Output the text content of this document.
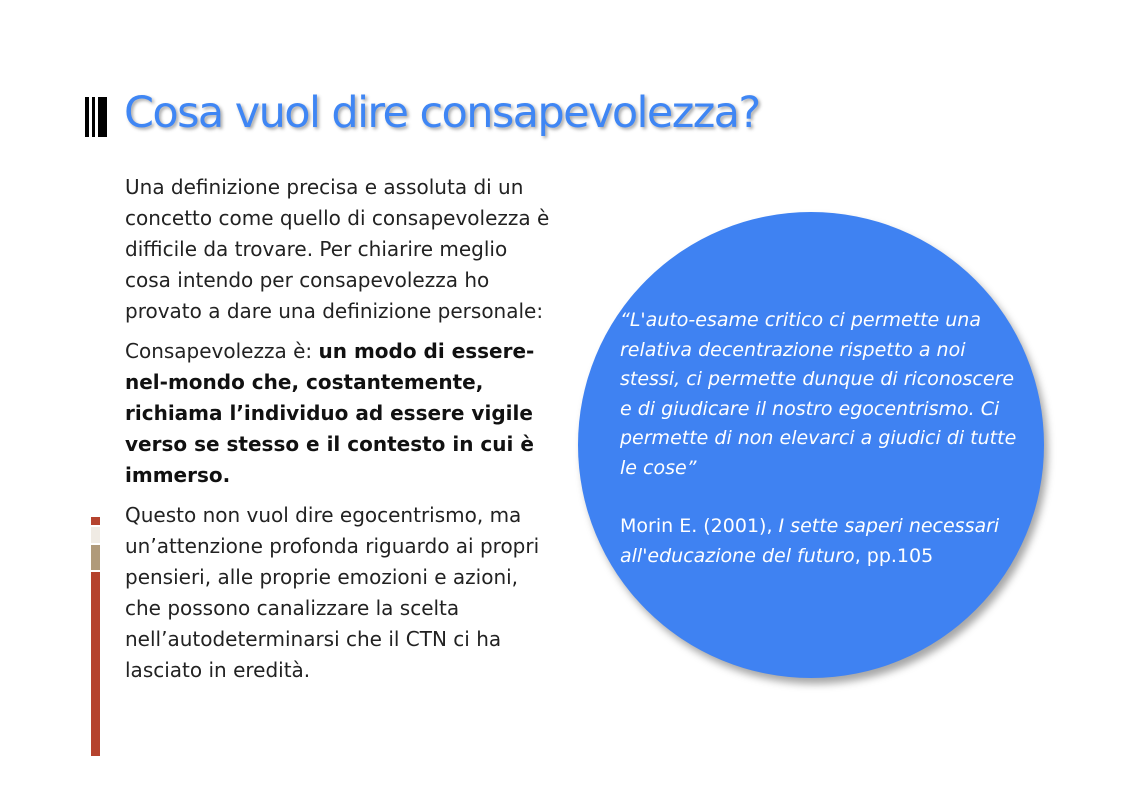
Cosa vuol dire consapevolezza?

Una definizione precisa e assoluta di un concetto come quello di consapevolezza è difficile da trovare. Per chiarire meglio cosa intendo per consapevolezza ho provato a dare una definizione personale:

Consapevolezza è: un modo di essere-nel-mondo che, costantemente, richiama l’individuo ad essere vigile verso se stesso e il contesto in cui è immerso.

Questo non vuol dire egocentrismo, ma un’attenzione profonda riguardo ai propri pensieri, alle proprie emozioni e azioni, che possono canalizzare la scelta nell’autodeterminarsi che il CTN ci ha lasciato in eredità.

“L'auto-esame critico ci permette una relativa decentrazione rispetto a noi stessi, ci permette dunque di riconoscere e di giudicare il nostro egocentrismo. Ci permette di non elevarci a giudici di tutte le cose”

Morin E. (2001), I sette saperi necessari all'educazione del futuro, pp.105
